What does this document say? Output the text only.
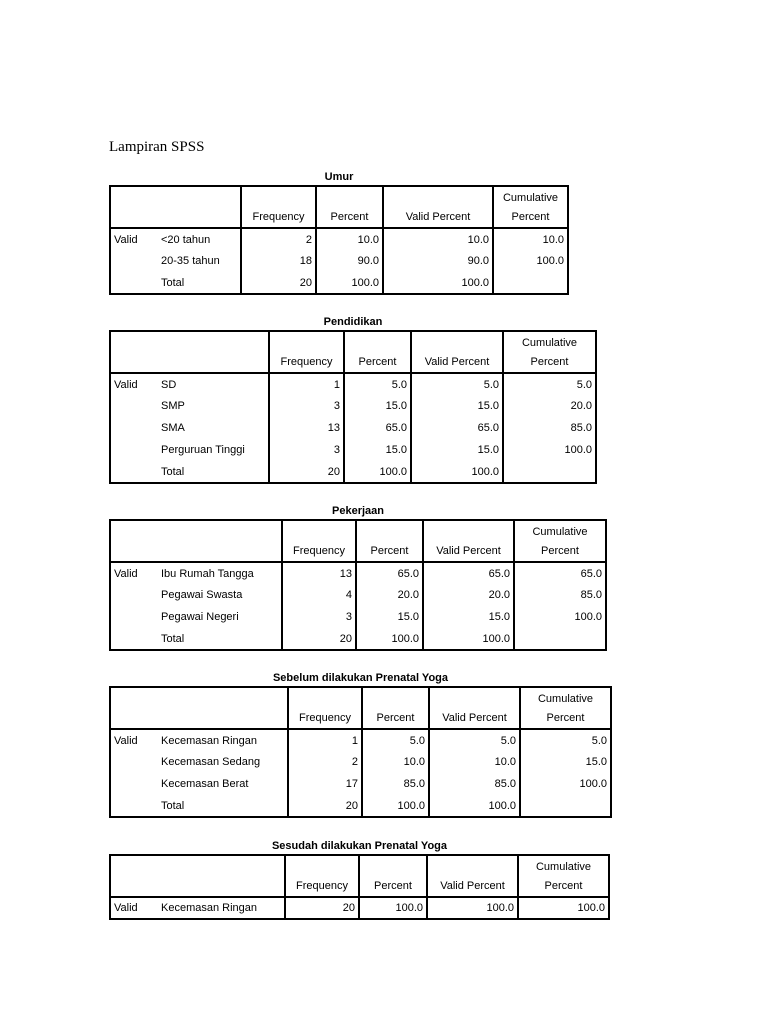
Lampiran SPSS
Umur

		Frequency	Percent	Valid Percent	Cumulative
Percent

Valid	<20 tahun	2	10.0	10.0	10.0
	20-35 tahun	18	90.0	90.0	100.0
	Total	20	100.0	100.0	
Pendidikan

		Frequency	Percent	Valid Percent	Cumulative
Percent

Valid	SD	1	5.0	5.0	5.0
	SMP	3	15.0	15.0	20.0
	SMA	13	65.0	65.0	85.0
	Perguruan Tinggi	3	15.0	15.0	100.0
	Total	20	100.0	100.0	
Pekerjaan

		Frequency	Percent	Valid Percent	Cumulative
Percent

Valid	Ibu Rumah Tangga	13	65.0	65.0	65.0
	Pegawai Swasta	4	20.0	20.0	85.0
	Pegawai Negeri	3	15.0	15.0	100.0
	Total	20	100.0	100.0	
Sebelum dilakukan Prenatal Yoga

		Frequency	Percent	Valid Percent	Cumulative
Percent

Valid	Kecemasan Ringan	1	5.0	5.0	5.0
	Kecemasan Sedang	2	10.0	10.0	15.0
	Kecemasan Berat	17	85.0	85.0	100.0
	Total	20	100.0	100.0	
Sesudah dilakukan Prenatal Yoga

		Frequency	Percent	Valid Percent	Cumulative
Percent

Valid	Kecemasan Ringan	20	100.0	100.0	100.0
